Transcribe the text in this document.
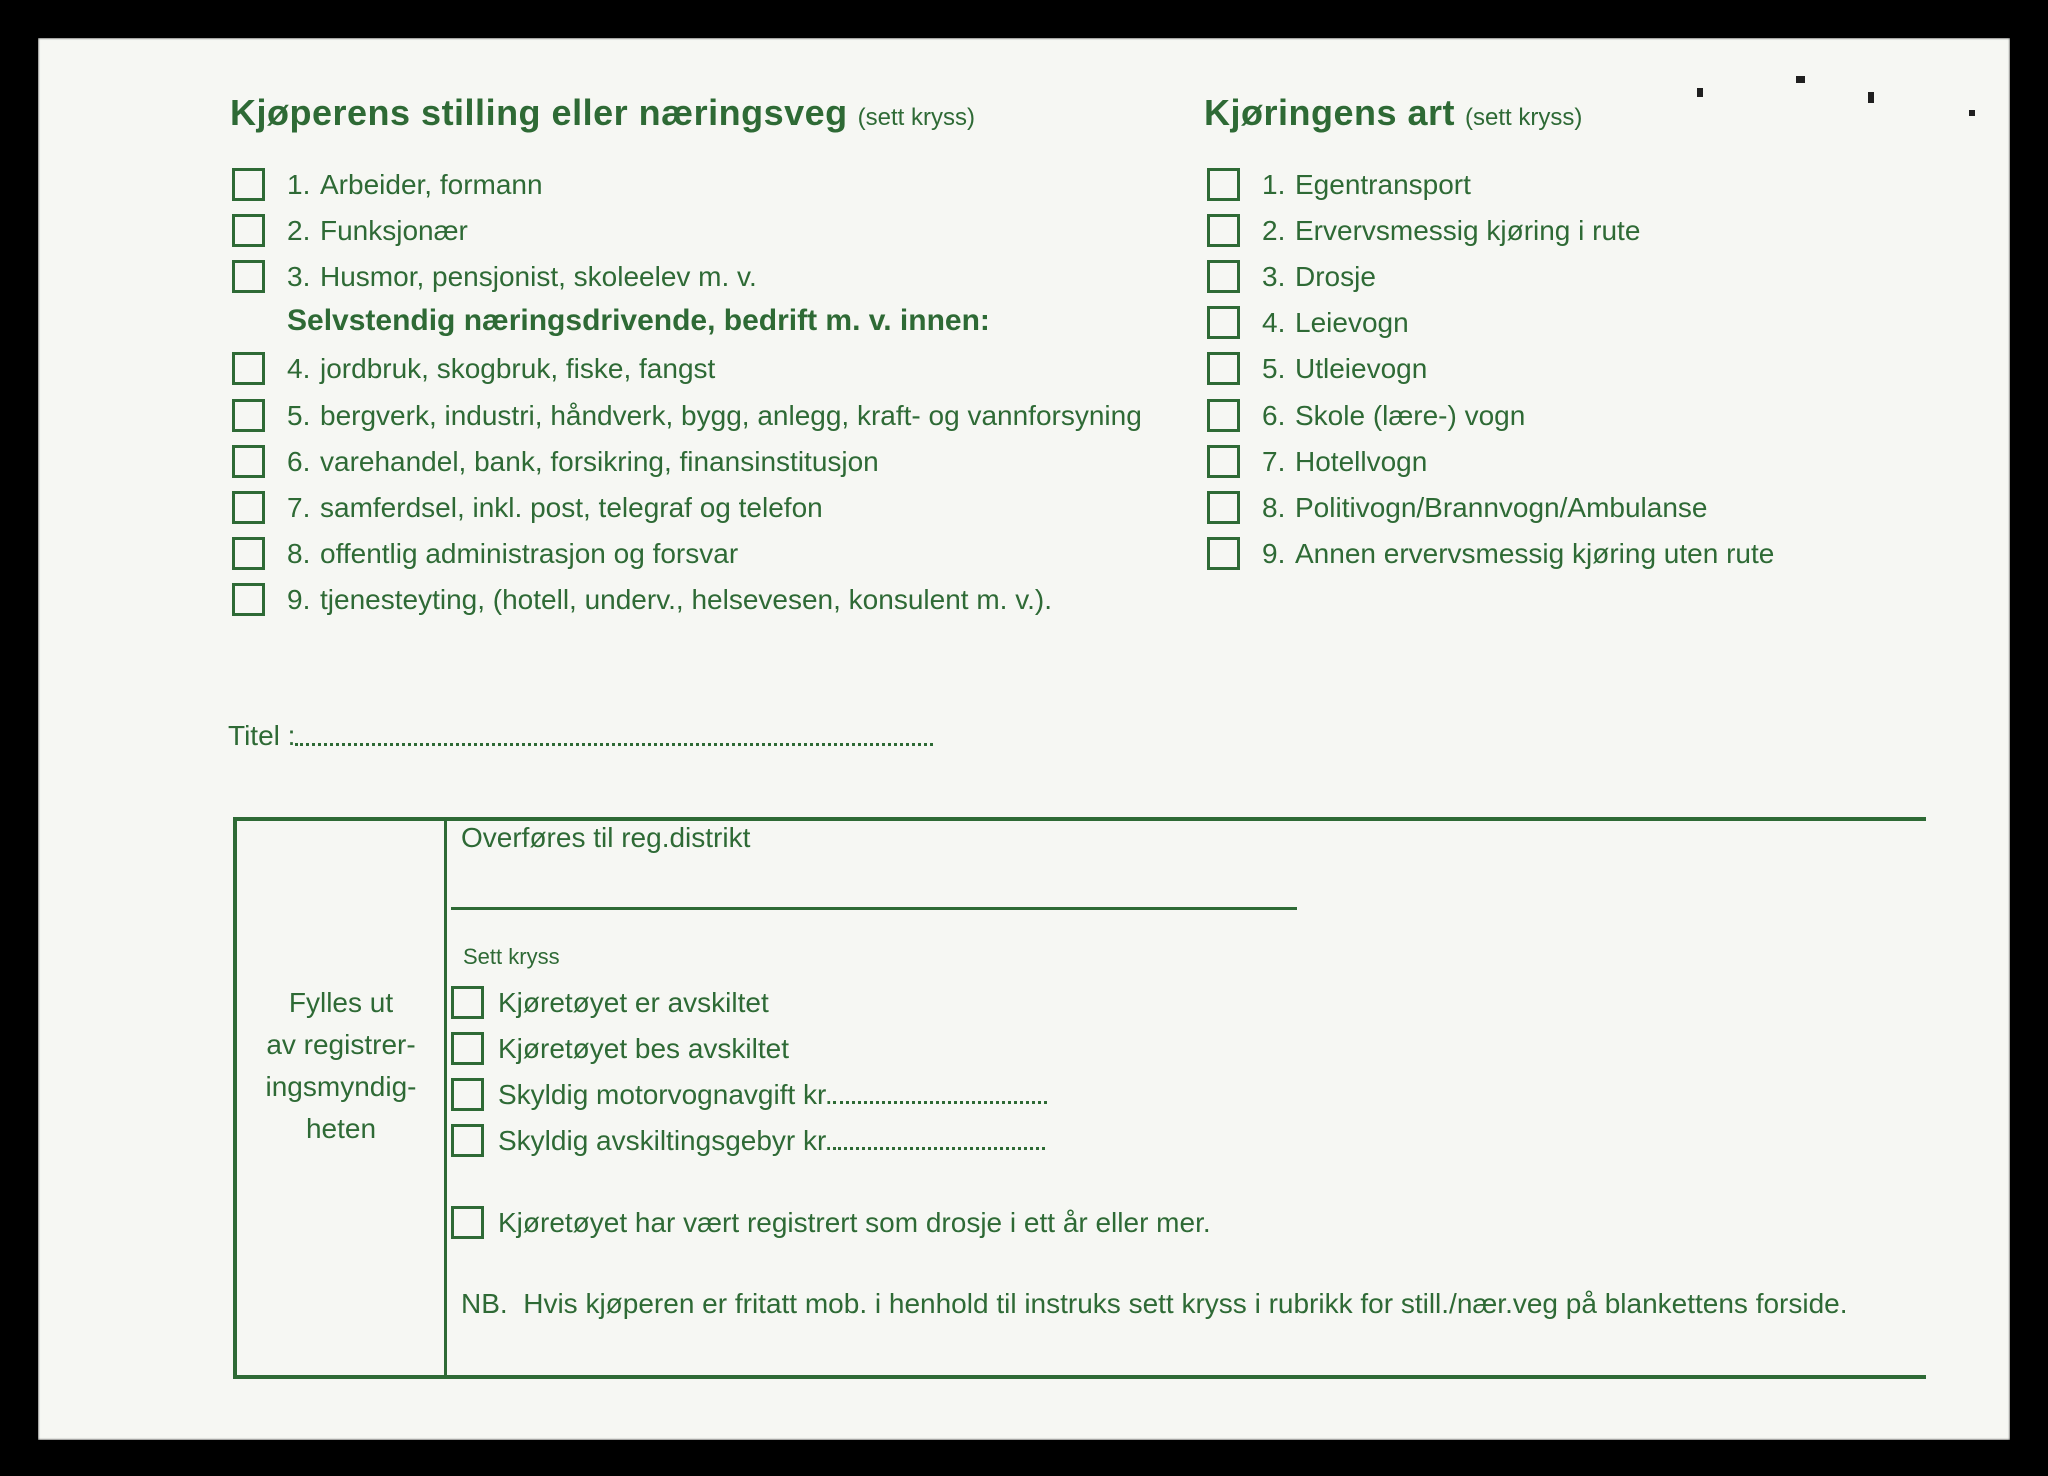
Kjøperens stilling eller næringsveg (sett kryss)
1. Arbeider, formann
2. Funksjonær
3. Husmor, pensjonist, skoleelev m. v.
Selvstendig næringsdrivende, bedrift m. v. innen:
4. jordbruk, skogbruk, fiske, fangst
5. bergverk, industri, håndverk, bygg, anlegg, kraft- og vannforsyning
6. varehandel, bank, forsikring, finansinstitusjon
7. samferdsel, inkl. post, telegraf og telefon
8. offentlig administrasjon og forsvar
9. tjenesteyting, (hotell, underv., helsevesen, konsulent m. v.).
Kjøringens art (sett kryss)
1. Egentransport
2. Ervervsmessig kjøring i rute
3. Drosje
4. Leievogn
5. Utleievogn
6. Skole (lære-) vogn
7. Hotellvogn
8. Politivogn/Brannvogn/Ambulanse
9. Annen ervervsmessig kjøring uten rute
Titel :
Fylles ut
av registrer-
ingsmyndig-
heten
Overføres til reg.distrikt
Sett kryss
Kjøretøyet er avskiltet
Kjøretøyet bes avskiltet
Skyldig motorvognavgift kr.
Skyldig avskiltingsgebyr kr.
Kjøretøyet har vært registrert som drosje i ett år eller mer.
NB.  Hvis kjøperen er fritatt mob. i henhold til instruks sett kryss i rubrikk for still./nær.veg på blankettens forside.
